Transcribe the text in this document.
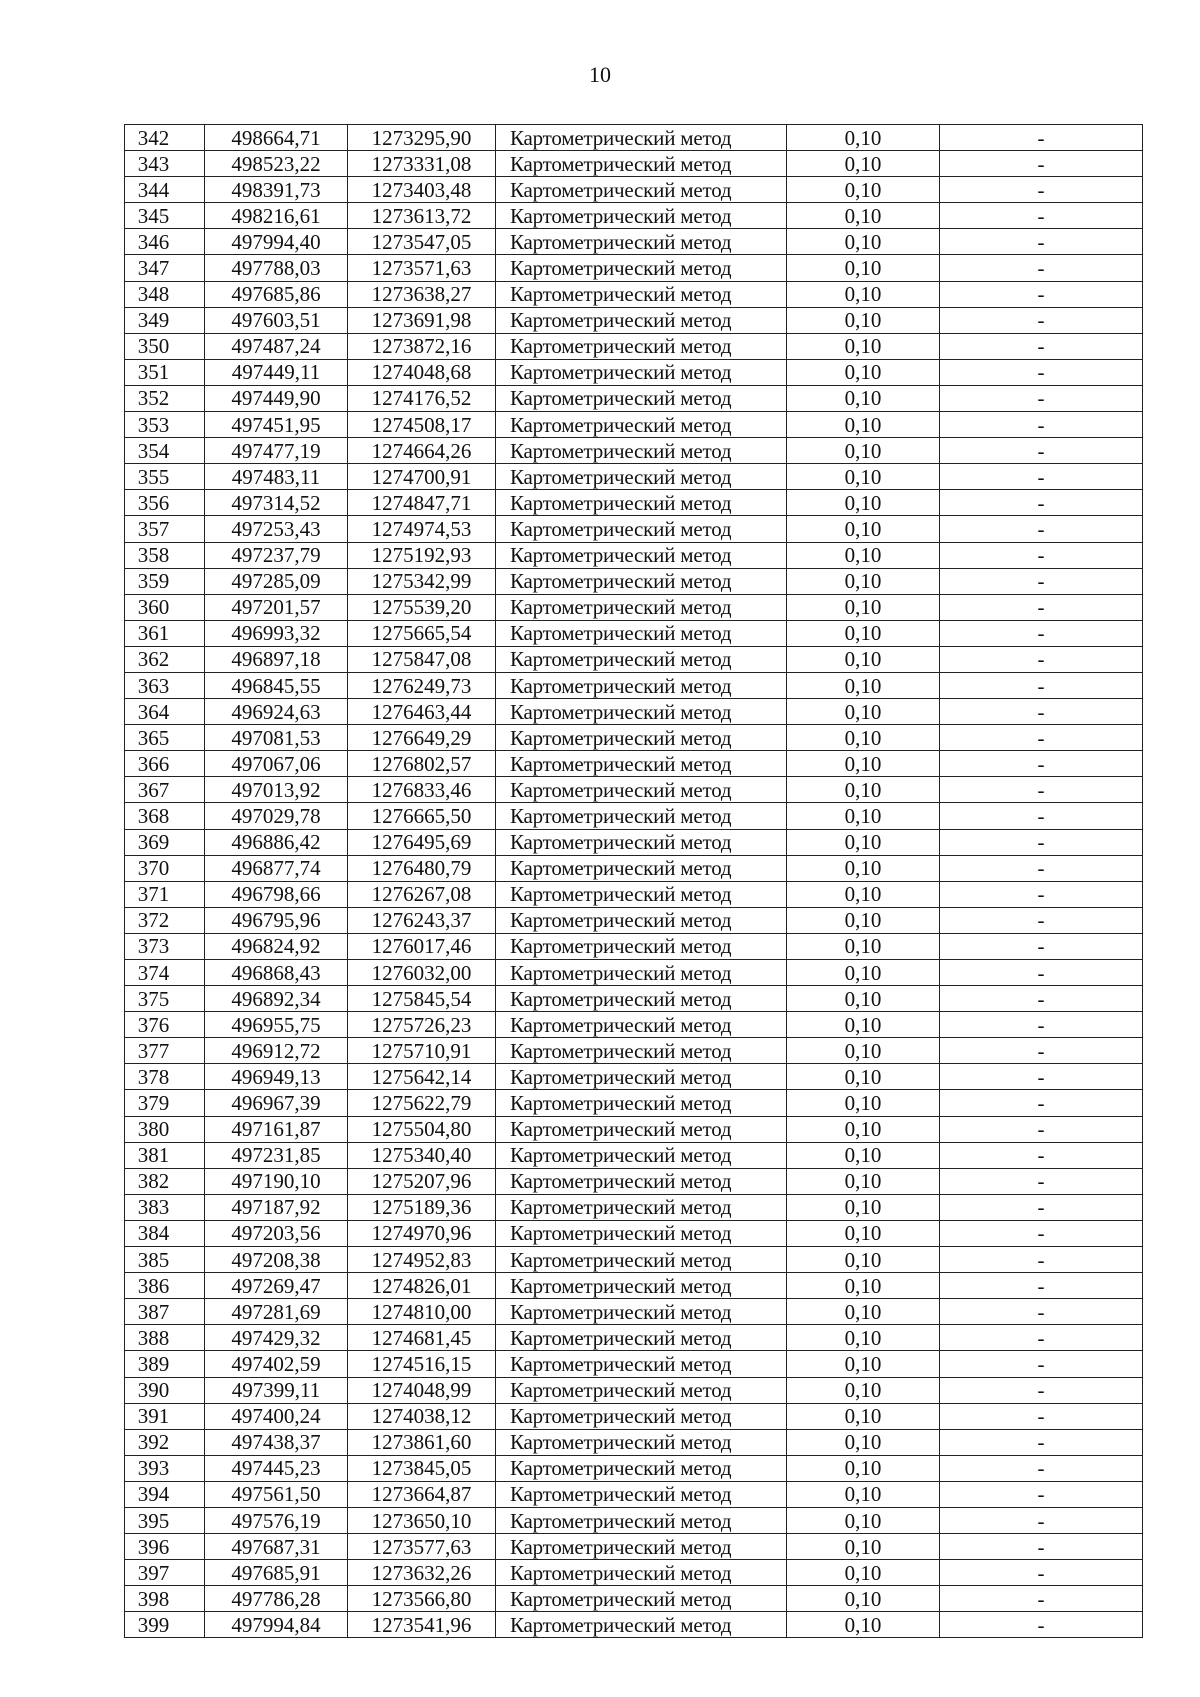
10
342	498664,71	1273295,90	Картометрический метод	0,10	-
343	498523,22	1273331,08	Картометрический метод	0,10	-
344	498391,73	1273403,48	Картометрический метод	0,10	-
345	498216,61	1273613,72	Картометрический метод	0,10	-
346	497994,40	1273547,05	Картометрический метод	0,10	-
347	497788,03	1273571,63	Картометрический метод	0,10	-
348	497685,86	1273638,27	Картометрический метод	0,10	-
349	497603,51	1273691,98	Картометрический метод	0,10	-
350	497487,24	1273872,16	Картометрический метод	0,10	-
351	497449,11	1274048,68	Картометрический метод	0,10	-
352	497449,90	1274176,52	Картометрический метод	0,10	-
353	497451,95	1274508,17	Картометрический метод	0,10	-
354	497477,19	1274664,26	Картометрический метод	0,10	-
355	497483,11	1274700,91	Картометрический метод	0,10	-
356	497314,52	1274847,71	Картометрический метод	0,10	-
357	497253,43	1274974,53	Картометрический метод	0,10	-
358	497237,79	1275192,93	Картометрический метод	0,10	-
359	497285,09	1275342,99	Картометрический метод	0,10	-
360	497201,57	1275539,20	Картометрический метод	0,10	-
361	496993,32	1275665,54	Картометрический метод	0,10	-
362	496897,18	1275847,08	Картометрический метод	0,10	-
363	496845,55	1276249,73	Картометрический метод	0,10	-
364	496924,63	1276463,44	Картометрический метод	0,10	-
365	497081,53	1276649,29	Картометрический метод	0,10	-
366	497067,06	1276802,57	Картометрический метод	0,10	-
367	497013,92	1276833,46	Картометрический метод	0,10	-
368	497029,78	1276665,50	Картометрический метод	0,10	-
369	496886,42	1276495,69	Картометрический метод	0,10	-
370	496877,74	1276480,79	Картометрический метод	0,10	-
371	496798,66	1276267,08	Картометрический метод	0,10	-
372	496795,96	1276243,37	Картометрический метод	0,10	-
373	496824,92	1276017,46	Картометрический метод	0,10	-
374	496868,43	1276032,00	Картометрический метод	0,10	-
375	496892,34	1275845,54	Картометрический метод	0,10	-
376	496955,75	1275726,23	Картометрический метод	0,10	-
377	496912,72	1275710,91	Картометрический метод	0,10	-
378	496949,13	1275642,14	Картометрический метод	0,10	-
379	496967,39	1275622,79	Картометрический метод	0,10	-
380	497161,87	1275504,80	Картометрический метод	0,10	-
381	497231,85	1275340,40	Картометрический метод	0,10	-
382	497190,10	1275207,96	Картометрический метод	0,10	-
383	497187,92	1275189,36	Картометрический метод	0,10	-
384	497203,56	1274970,96	Картометрический метод	0,10	-
385	497208,38	1274952,83	Картометрический метод	0,10	-
386	497269,47	1274826,01	Картометрический метод	0,10	-
387	497281,69	1274810,00	Картометрический метод	0,10	-
388	497429,32	1274681,45	Картометрический метод	0,10	-
389	497402,59	1274516,15	Картометрический метод	0,10	-
390	497399,11	1274048,99	Картометрический метод	0,10	-
391	497400,24	1274038,12	Картометрический метод	0,10	-
392	497438,37	1273861,60	Картометрический метод	0,10	-
393	497445,23	1273845,05	Картометрический метод	0,10	-
394	497561,50	1273664,87	Картометрический метод	0,10	-
395	497576,19	1273650,10	Картометрический метод	0,10	-
396	497687,31	1273577,63	Картометрический метод	0,10	-
397	497685,91	1273632,26	Картометрический метод	0,10	-
398	497786,28	1273566,80	Картометрический метод	0,10	-
399	497994,84	1273541,96	Картометрический метод	0,10	-
